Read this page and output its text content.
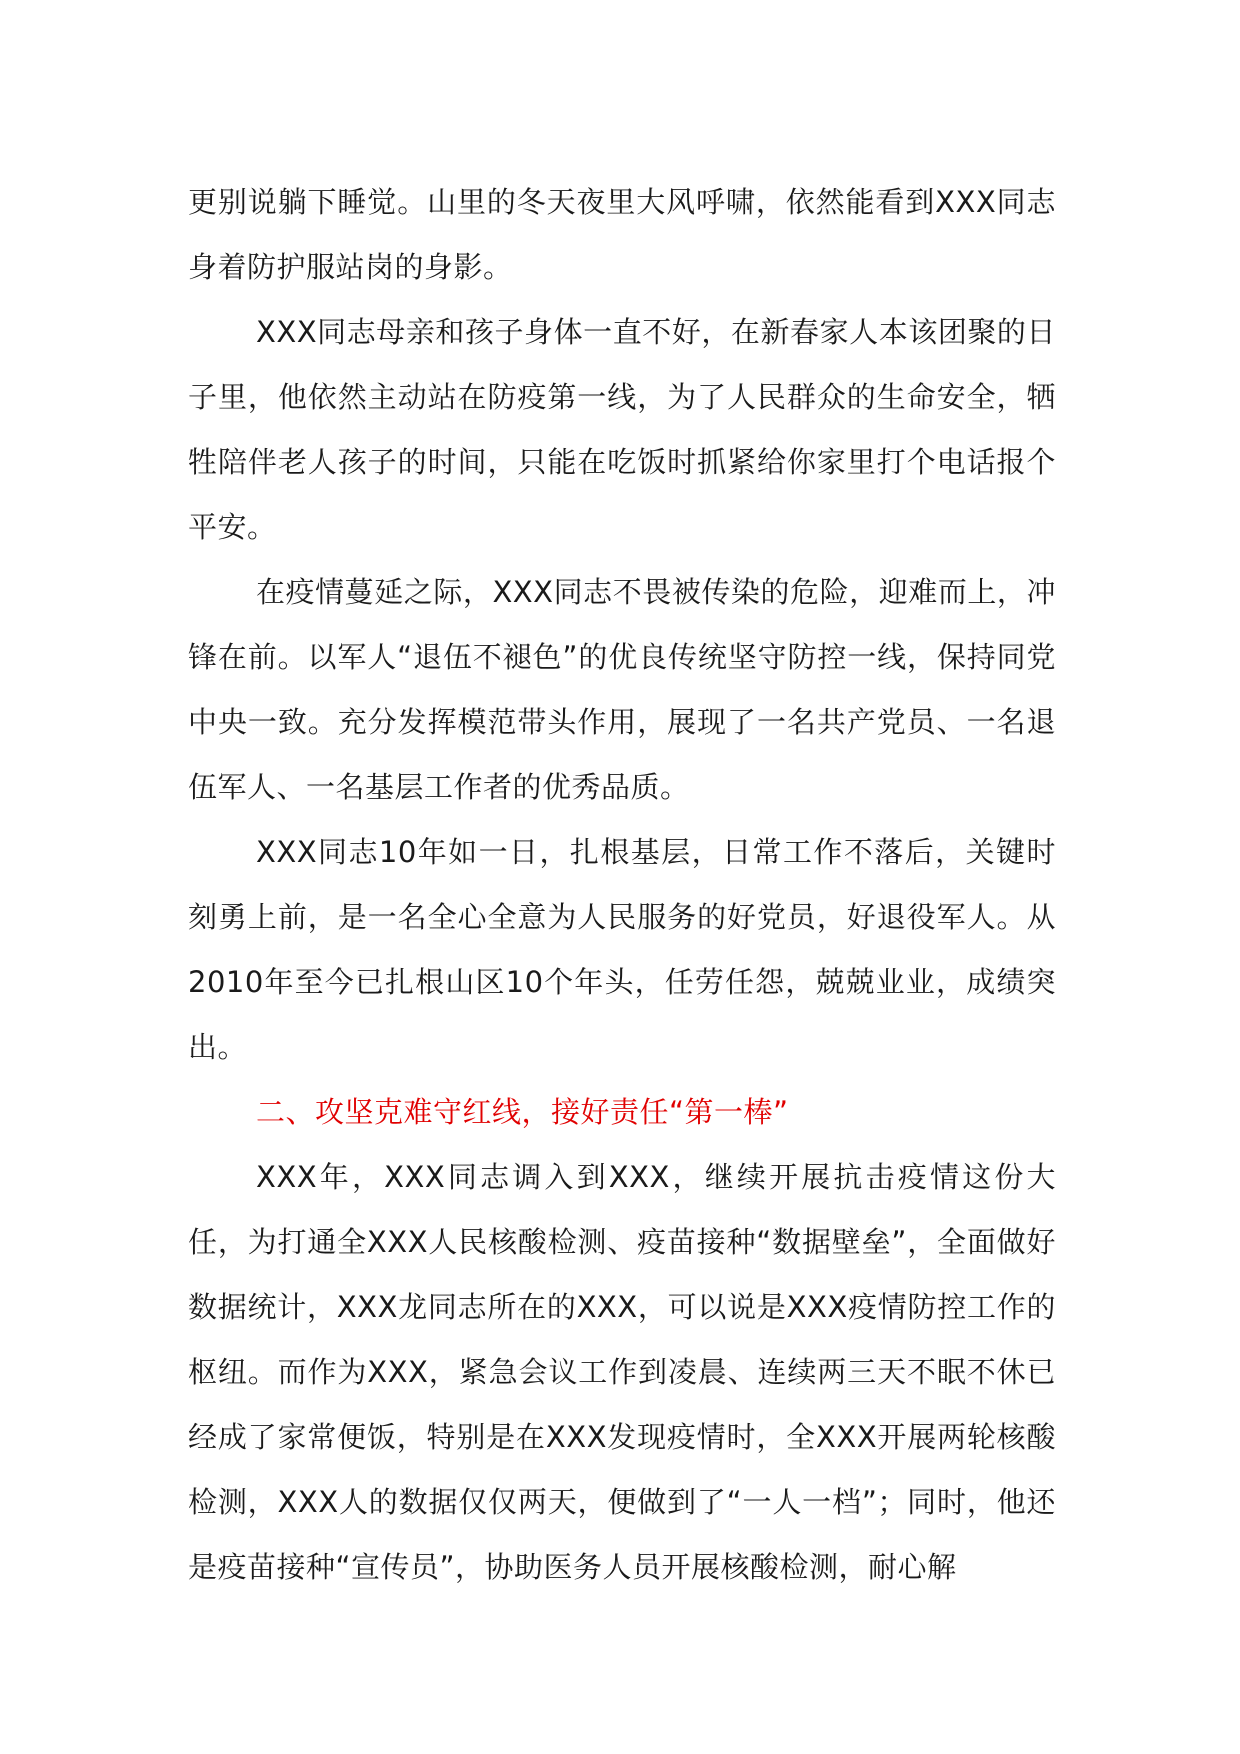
更别说躺下睡觉。山里的冬天夜里大风呼啸，依然能看到XXX同志身着防护服站岗的身影。

XXX同志母亲和孩子身体一直不好，在新春家人本该团聚的日子里，他依然主动站在防疫第一线，为了人民群众的生命安全，牺牲陪伴老人孩子的时间，只能在吃饭时抓紧给你家里打个电话报个平安。

在疫情蔓延之际，XXX同志不畏被传染的危险，迎难而上，冲锋在前。以军人“退伍不褪色”的优良传统坚守防控一线，保持同党中央一致。充分发挥模范带头作用，展现了一名共产党员、一名退伍军人、一名基层工作者的优秀品质。

XXX同志10年如一日，扎根基层，日常工作不落后，关键时刻勇上前，是一名全心全意为人民服务的好党员，好退役军人。从2010年至今已扎根山区10个年头，任劳任怨，兢兢业业，成绩突出。

二、攻坚克难守红线，接好责任“第一棒”

XXX年，XXX同志调入到XXX，继续开展抗击疫情这份大任，为打通全XXX人民核酸检测、疫苗接种“数据壁垒”，全面做好数据统计，XXX龙同志所在的XXX，可以说是XXX疫情防控工作的枢纽。而作为XXX，紧急会议工作到凌晨、连续两三天不眠不休已经成了家常便饭，特别是在XXX发现疫情时，全XXX开展两轮核酸检测，XXX人的数据仅仅两天，便做到了“一人一档”；同时，他还是疫苗接种“宣传员”，协助医务人员开展核酸检测，耐心解
